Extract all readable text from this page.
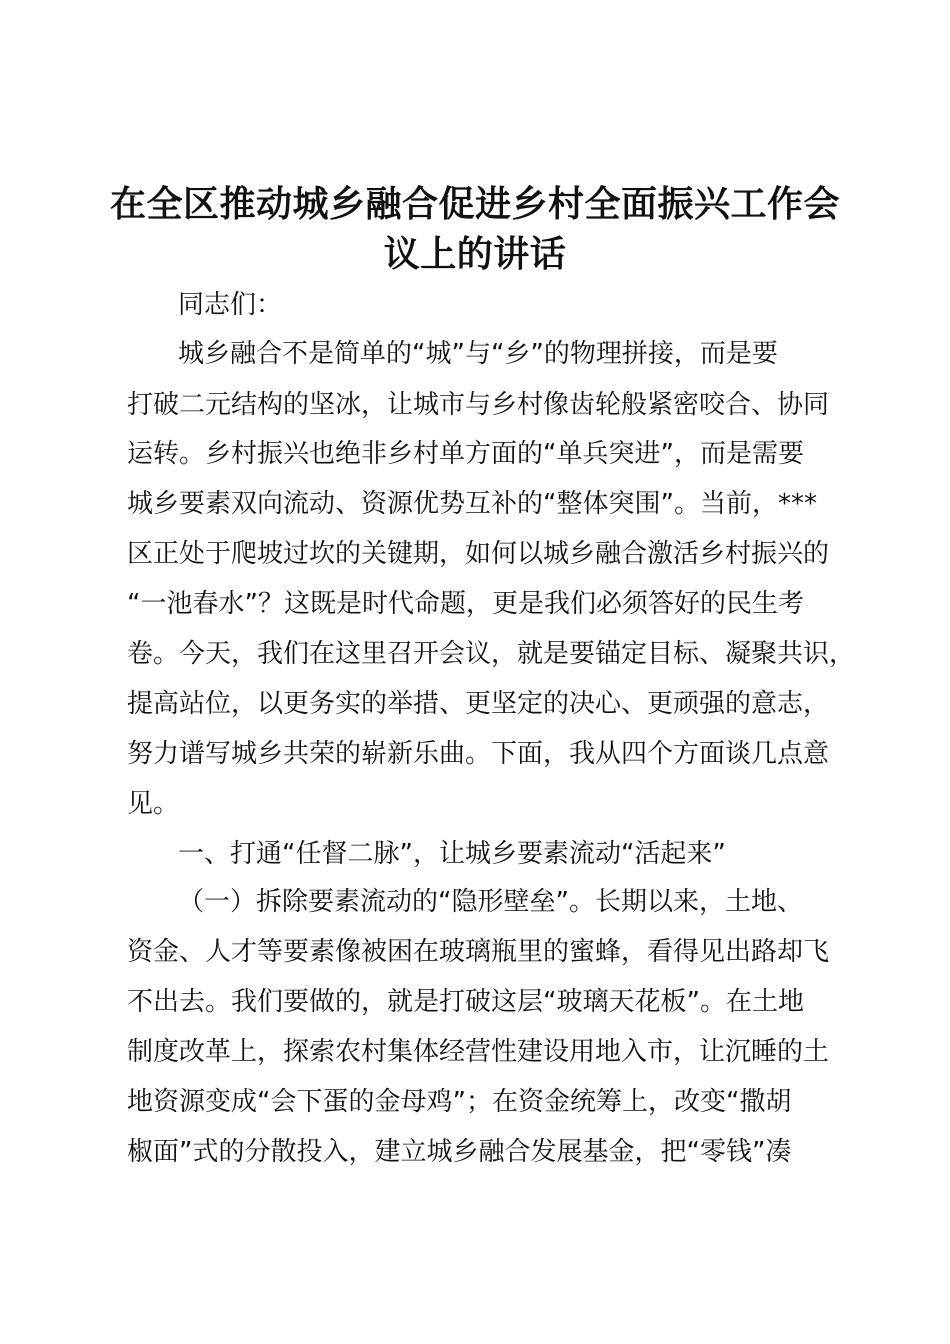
在全区推动城乡融合促进乡村全面振兴工作会
议上的讲话
同志们：
城乡融合不是简单的“城”与“乡”的物理拼接，而是要
打破二元结构的坚冰，让城市与乡村像齿轮般紧密咬合、协同
运转。乡村振兴也绝非乡村单方面的“单兵突进”，而是需要
城乡要素双向流动、资源优势互补的“整体突围”。当前，***
区正处于爬坡过坎的关键期，如何以城乡融合激活乡村振兴的
“一池春水”？这既是时代命题，更是我们必须答好的民生考
卷。今天，我们在这里召开会议，就是要锚定目标、凝聚共识，
提高站位，以更务实的举措、更坚定的决心、更顽强的意志，
努力谱写城乡共荣的崭新乐曲。下面，我从四个方面谈几点意
见。
一、打通“任督二脉”，让城乡要素流动“活起来”
（一）拆除要素流动的“隐形壁垒”。长期以来，土地、
资金、人才等要素像被困在玻璃瓶里的蜜蜂，看得见出路却飞
不出去。我们要做的，就是打破这层“玻璃天花板”。在土地
制度改革上，探索农村集体经营性建设用地入市，让沉睡的土
地资源变成“会下蛋的金母鸡”；在资金统筹上，改变“撒胡
椒面”式的分散投入，建立城乡融合发展基金，把“零钱”凑
